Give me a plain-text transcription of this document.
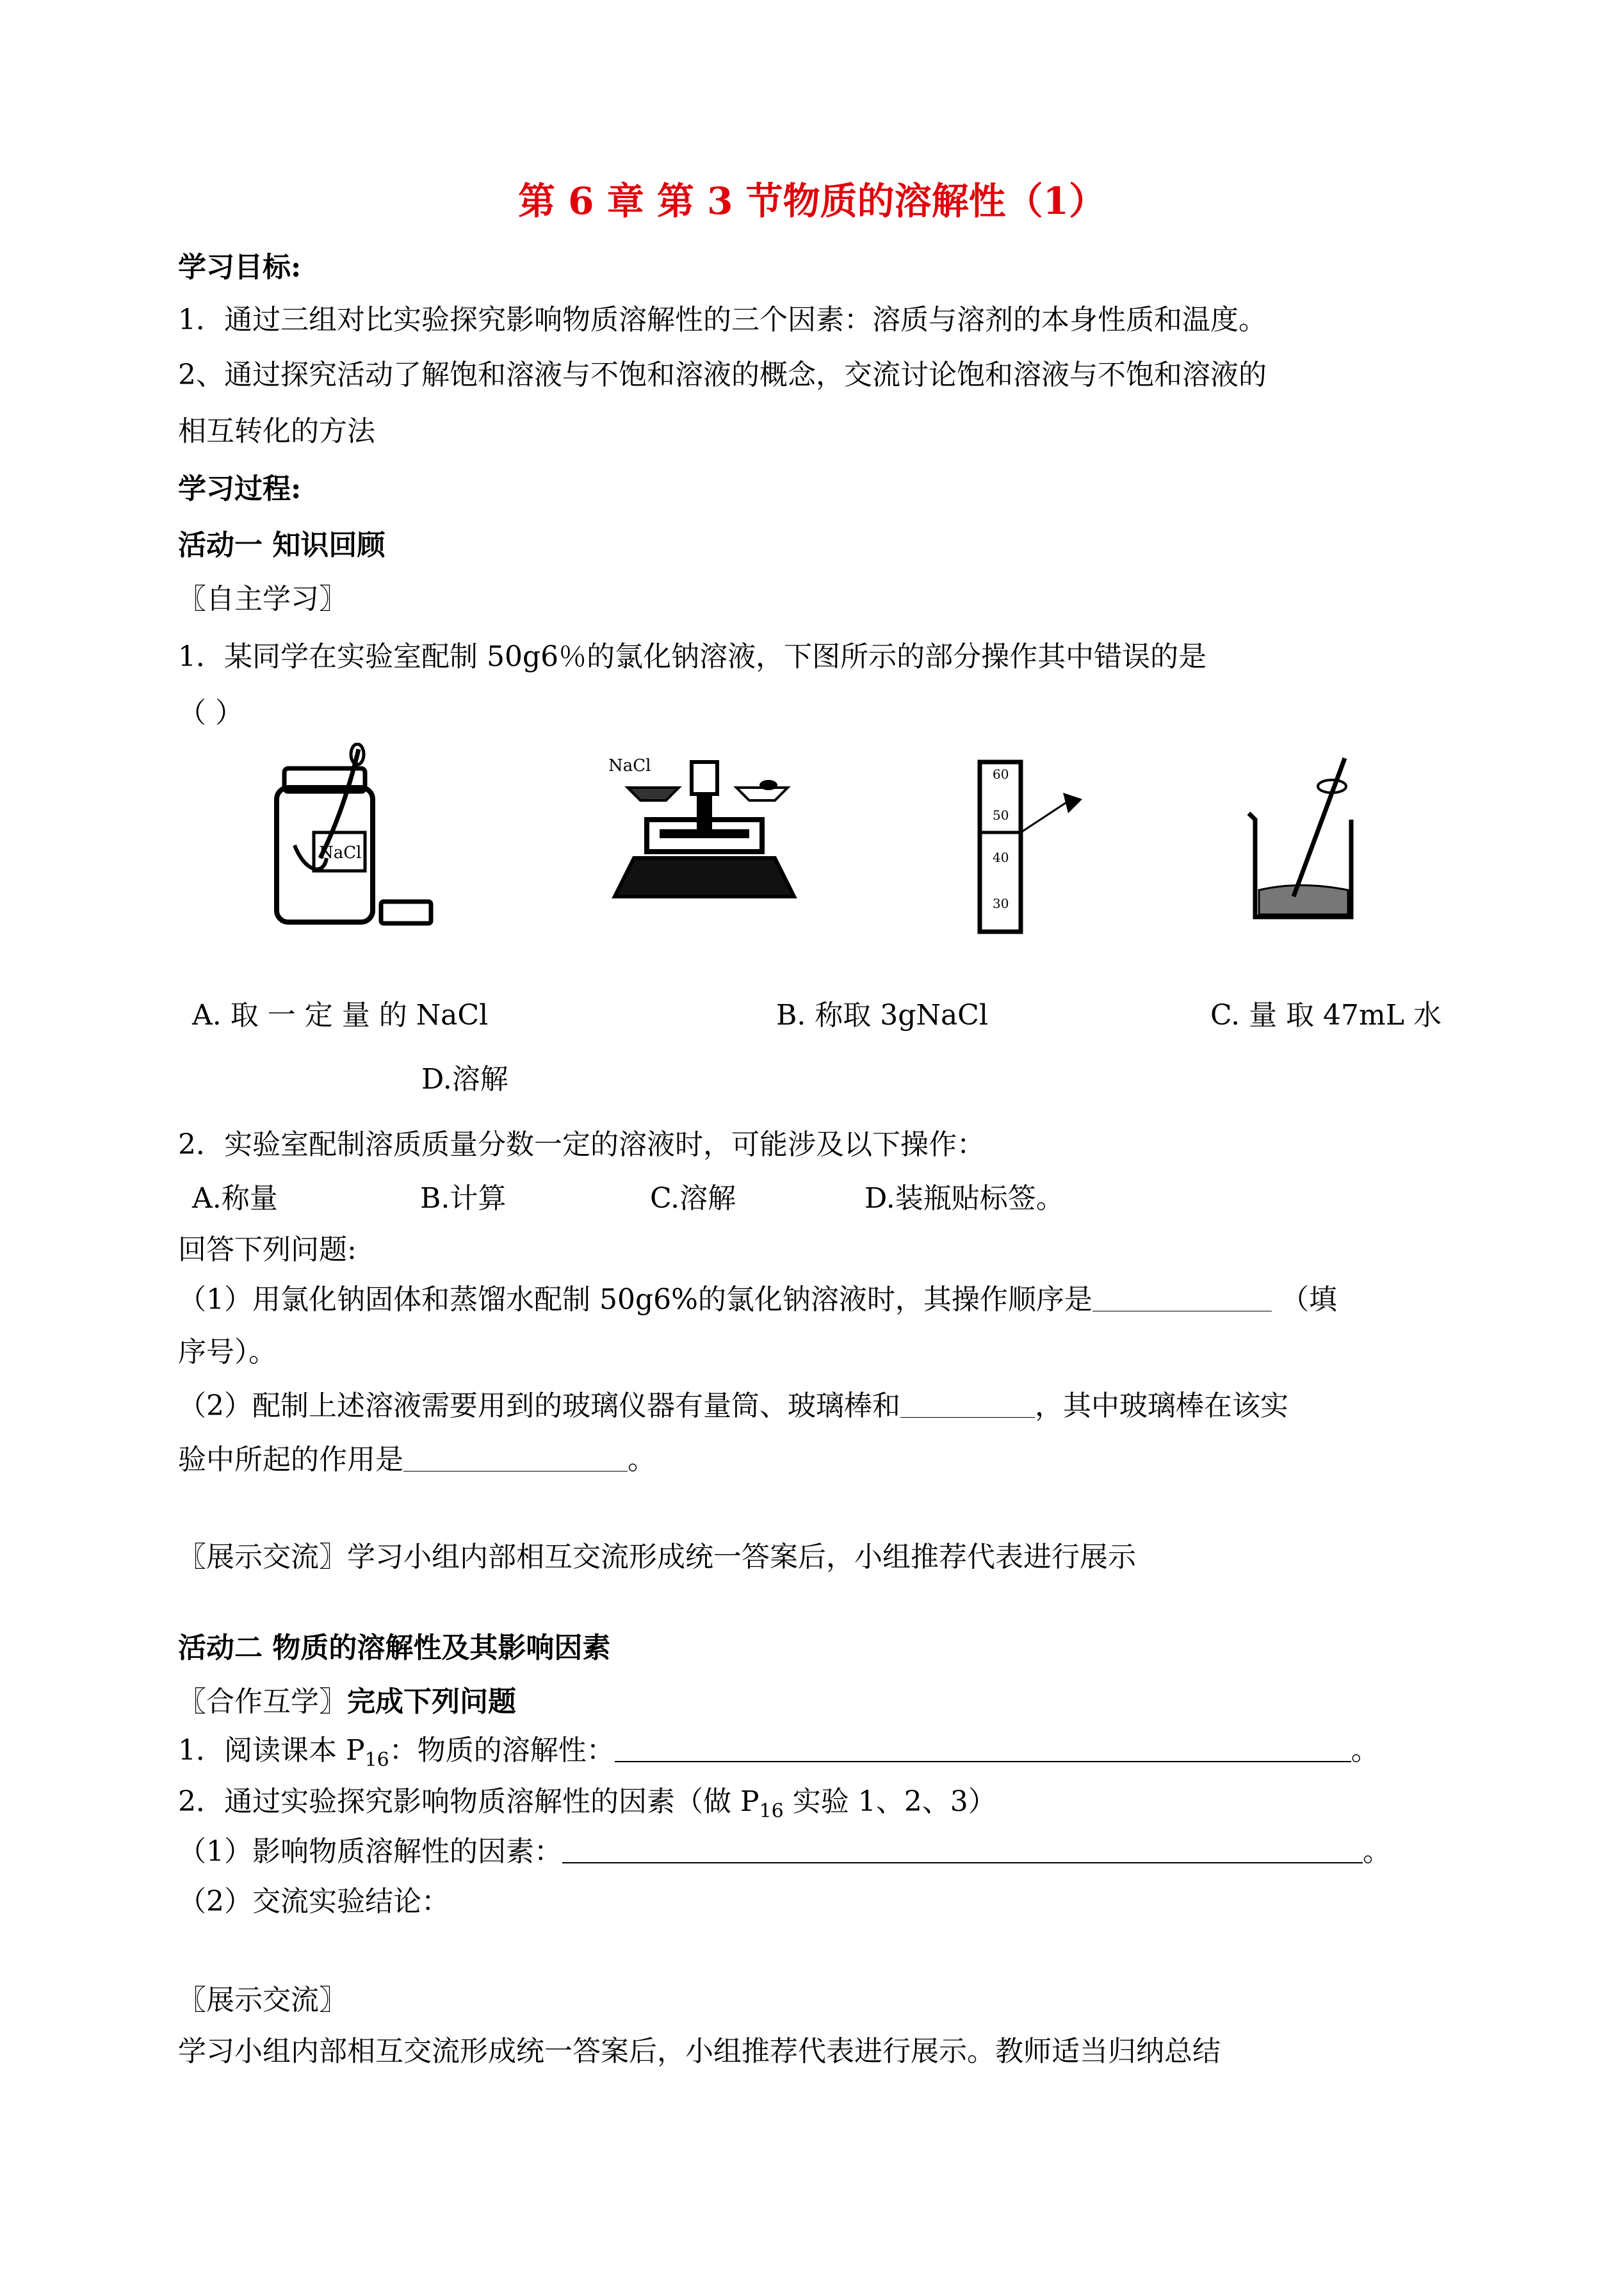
第 6 章 第 3 节物质的溶解性（1）
学习目标:
1．通过三组对比实验探究影响物质溶解性的三个因素：溶质与溶剂的本身性质和温度。
2、通过探究活动了解饱和溶液与不饱和溶液的概念，交流讨论饱和溶液与不饱和溶液的
相互转化的方法
学习过程:
活动一 知识回顾
〖自主学习〗
1．某同学在实验室配制 50g6％的氯化钠溶液，下图所示的部分操作其中错误的是
（ ）
NaCl
NaCl	60
50
40
30
A. 取 一 定 量 的 NaCl	B. 称取 3gNaCl	C. 量 取 47mL 水
D.溶解
2．实验室配制溶质质量分数一定的溶液时，可能涉及以下操作：
A.称量	B.计算	C.溶解	D.装瓶贴标签。
回答下列问题:
（1）用氯化钠固体和蒸馏水配制 50g6%的氯化钠溶液时，其操作顺序是	（填
序号）。
（2）配制上述溶液需要用到的玻璃仪器有量筒、玻璃棒和	，其中玻璃棒在该实
验中所起的作用是	。
〖展示交流〗学习小组内部相互交流形成统一答案后，小组推荐代表进行展示
活动二 物质的溶解性及其影响因素
〖合作互学〗完成下列问题
1．阅读课本 $P_{16}$：物质的溶解性：	。
2．通过实验探究影响物质溶解性的因素（做 $P_{16}$ 实验 1、2、3）
（1）影响物质溶解性的因素：	。
（2）交流实验结论：
〖展示交流〗
学习小组内部相互交流形成统一答案后，小组推荐代表进行展示。教师适当归纳总结
